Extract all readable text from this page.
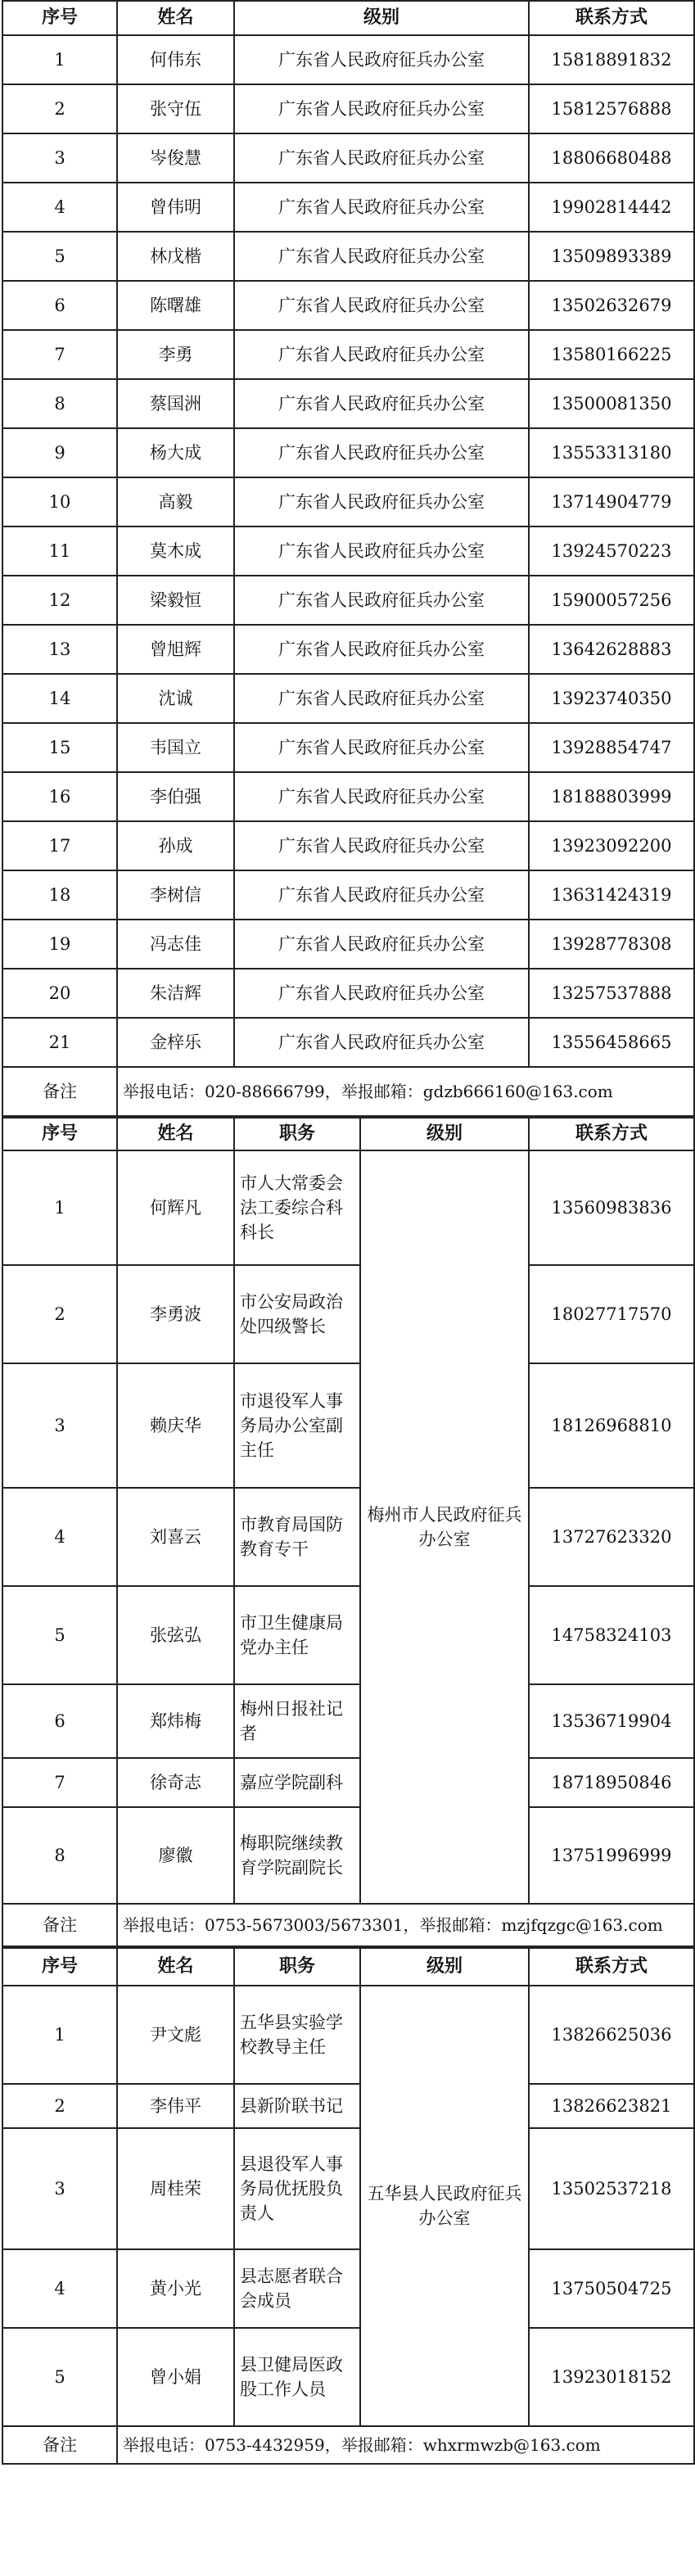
序号	姓名	级别	联系方式
1	何伟东	广东省人民政府征兵办公室	15818891832
2	张守伍	广东省人民政府征兵办公室	15812576888
3	岑俊慧	广东省人民政府征兵办公室	18806680488
4	曾伟明	广东省人民政府征兵办公室	19902814442
5	林戊楷	广东省人民政府征兵办公室	13509893389
6	陈曙雄	广东省人民政府征兵办公室	13502632679
7	李勇	广东省人民政府征兵办公室	13580166225
8	蔡国洲	广东省人民政府征兵办公室	13500081350
9	杨大成	广东省人民政府征兵办公室	13553313180
10	高毅	广东省人民政府征兵办公室	13714904779
11	莫木成	广东省人民政府征兵办公室	13924570223
12	梁毅恒	广东省人民政府征兵办公室	15900057256
13	曾旭辉	广东省人民政府征兵办公室	13642628883
14	沈诚	广东省人民政府征兵办公室	13923740350
15	韦国立	广东省人民政府征兵办公室	13928854747
16	李伯强	广东省人民政府征兵办公室	18188803999
17	孙成	广东省人民政府征兵办公室	13923092200
18	李树信	广东省人民政府征兵办公室	13631424319
19	冯志佳	广东省人民政府征兵办公室	13928778308
20	朱洁辉	广东省人民政府征兵办公室	13257537888
21	金梓乐	广东省人民政府征兵办公室	13556458665
备注	举报电话：020-88666799，举报邮箱：gdzb666160@163.com		
序号	姓名	职务	级别	联系方式
1	何辉凡	市人大常委会法工委综合科科长	梅州市人民政府征兵办公室	13560983836
2	李勇波	市公安局政治处四级警长		18027717570
3	赖庆华	市退役军人事务局办公室副主任		18126968810
4	刘喜云	市教育局国防教育专干		13727623320
5	张弦弘	市卫生健康局党办主任		14758324103
6	郑炜梅	梅州日报社记者		13536719904
7	徐奇志	嘉应学院副科		18718950846
8	廖徽	梅职院继续教育学院副院长		13751996999
备注	举报电话：0753-5673003/5673301，举报邮箱：mzjfqzgc@163.com			
序号	姓名	职务	级别	联系方式
1	尹文彪	五华县实验学校教导主任	五华县人民政府征兵办公室	13826625036
2	李伟平	县新阶联书记		13826623821
3	周桂荣	县退役军人事务局优抚股负责人		13502537218
4	黄小光	县志愿者联合会成员		13750504725
5	曾小娟	县卫健局医政股工作人员		13923018152
备注	举报电话：0753-4432959，举报邮箱：whxrmwzb@163.com			
